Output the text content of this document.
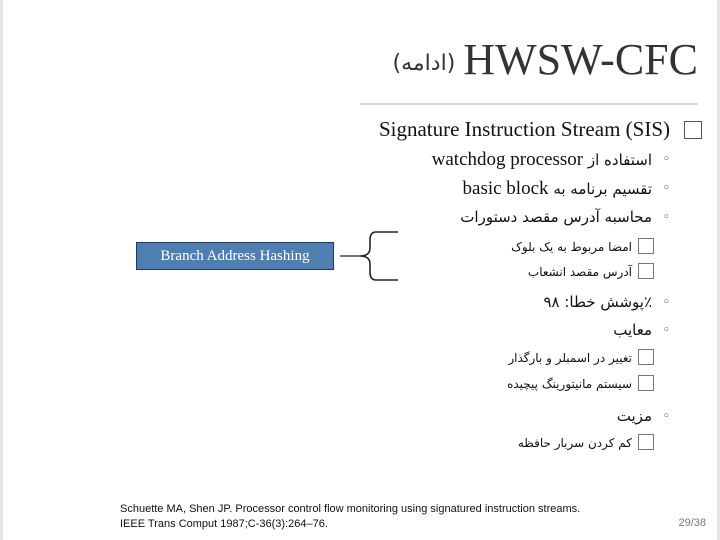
(ادامه) HWSW-CFC
Signature Instruction Stream (SIS)
watchdog processor استفاده از ◦
basic block تقسیم برنامه به ◦
محاسبه آدرس مقصد دستورات ◦
امضا مربوط به یک بلوک
آدرس مقصد انشعاب
پوشش خطا: ۹۸٪ ◦
معایب ◦
تغییر در اسمبلر و بارگذار
سیستم مانیتورینگ پیچیده
مزیت ◦
کم کردن سربار حافظه
Branch Address Hashing
Schuette MA, Shen JP. Processor control flow monitoring using signatured instruction streams.
IEEE Trans Comput 1987;C-36(3):264–76.	29/38
